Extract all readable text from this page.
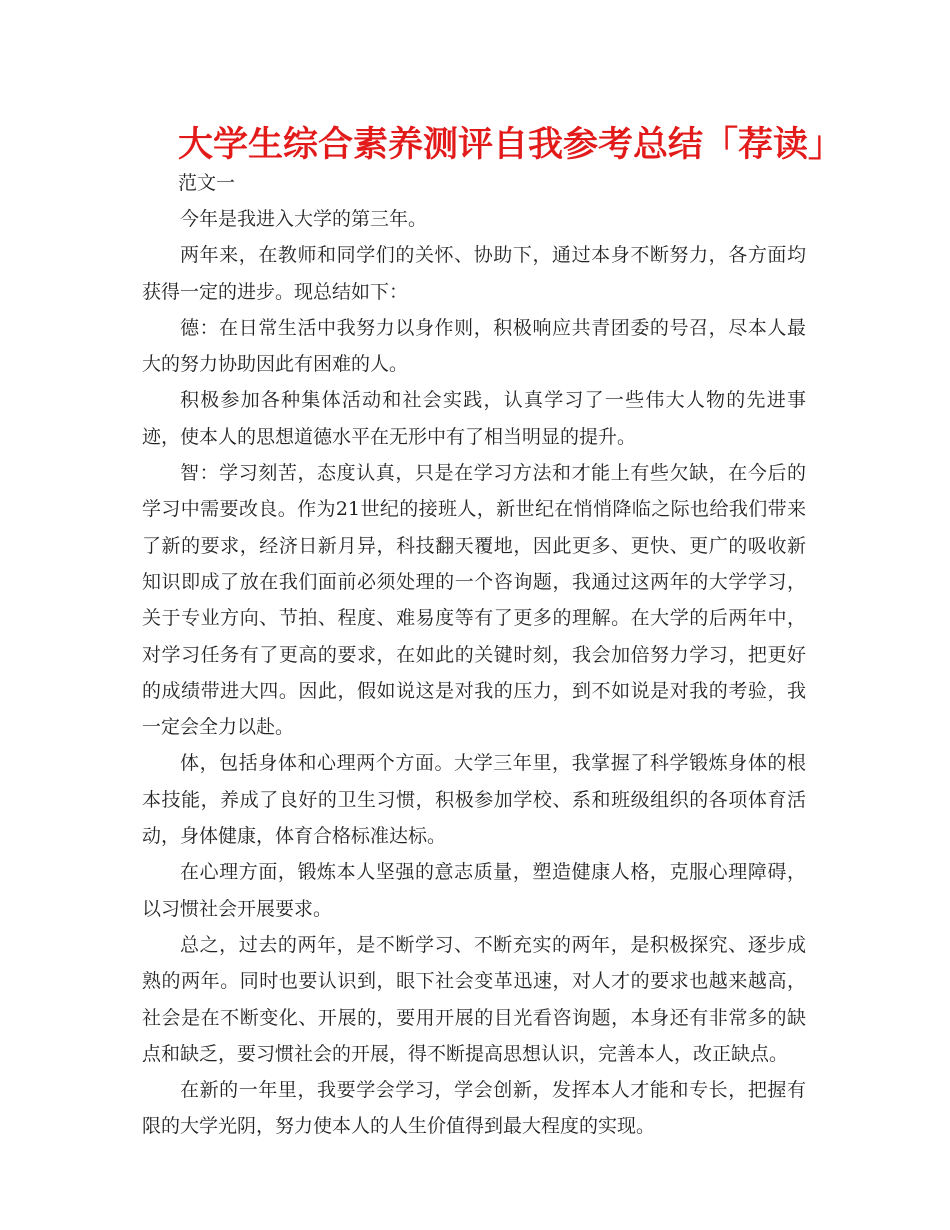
大学生综合素养测评自我参考总结「荐读」
范文一

今年是我进入大学的第三年。

两年来，在教师和同学们的关怀、协助下，通过本身不断努力，各方面均获得一定的进步。现总结如下：

德：在日常生活中我努力以身作则，积极响应共青团委的号召，尽本人最大的努力协助因此有困难的人。

积极参加各种集体活动和社会实践，认真学习了一些伟大人物的先进事迹，使本人的思想道德水平在无形中有了相当明显的提升。

智：学习刻苦，态度认真，只是在学习方法和才能上有些欠缺，在今后的学习中需要改良。作为21世纪的接班人，新世纪在悄悄降临之际也给我们带来了新的要求，经济日新月异，科技翻天覆地，因此更多、更快、更广的吸收新知识即成了放在我们面前必须处理的一个咨询题，我通过这两年的大学学习，关于专业方向、节拍、程度、难易度等有了更多的理解。在大学的后两年中，对学习任务有了更高的要求，在如此的关键时刻，我会加倍努力学习，把更好的成绩带进大四。因此，假如说这是对我的压力，到不如说是对我的考验，我一定会全力以赴。

体，包括身体和心理两个方面。大学三年里，我掌握了科学锻炼身体的根本技能，养成了良好的卫生习惯，积极参加学校、系和班级组织的各项体育活动，身体健康，体育合格标准达标。

在心理方面，锻炼本人坚强的意志质量，塑造健康人格，克服心理障碍，以习惯社会开展要求。

总之，过去的两年，是不断学习、不断充实的两年，是积极探究、逐步成熟的两年。同时也要认识到，眼下社会变革迅速，对人才的要求也越来越高，社会是在不断变化、开展的，要用开展的目光看咨询题，本身还有非常多的缺点和缺乏，要习惯社会的开展，得不断提高思想认识，完善本人，改正缺点。

在新的一年里，我要学会学习，学会创新，发挥本人才能和专长，把握有限的大学光阴，努力使本人的人生价值得到最大程度的实现。
